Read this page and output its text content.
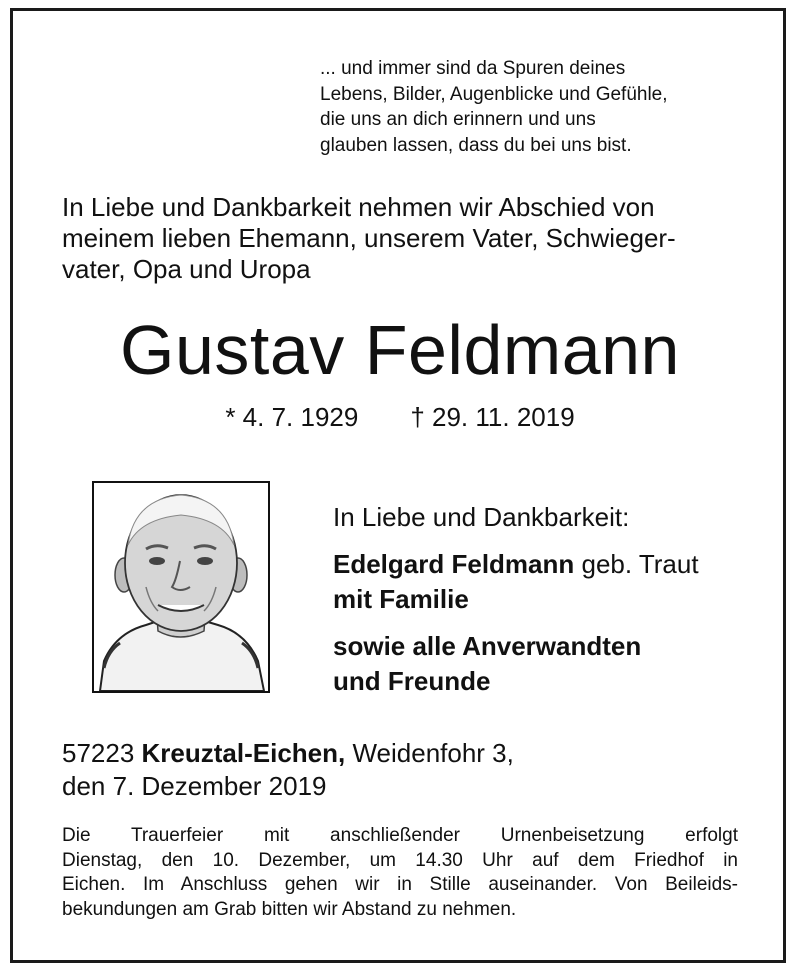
... und immer sind da Spuren deines
Lebens, Bilder, Augenblicke und Gefühle,
die uns an dich erinnern und uns
glauben lassen, dass du bei uns bist.
In Liebe und Dankbarkeit nehmen wir Abschied von
meinem lieben Ehemann, unserem Vater, Schwieger-
vater, Opa und Uropa
Gustav Feldmann
* 4. 7. 1929 † 29. 11. 2019
In Liebe und Dankbarkeit:
Edelgard Feldmann geb. Traut
mit Familie
sowie alle Anverwandten
und Freunde
57223 Kreuztal-Eichen, Weidenfohr 3,
den 7. Dezember 2019
Die Trauerfeier mit anschließender Urnenbeisetzung erfolgt
Dienstag, den 10. Dezember, um 14.30 Uhr auf dem Friedhof in
Eichen. Im Anschluss gehen wir in Stille auseinander. Von Beileids-
bekundungen am Grab bitten wir Abstand zu nehmen.
